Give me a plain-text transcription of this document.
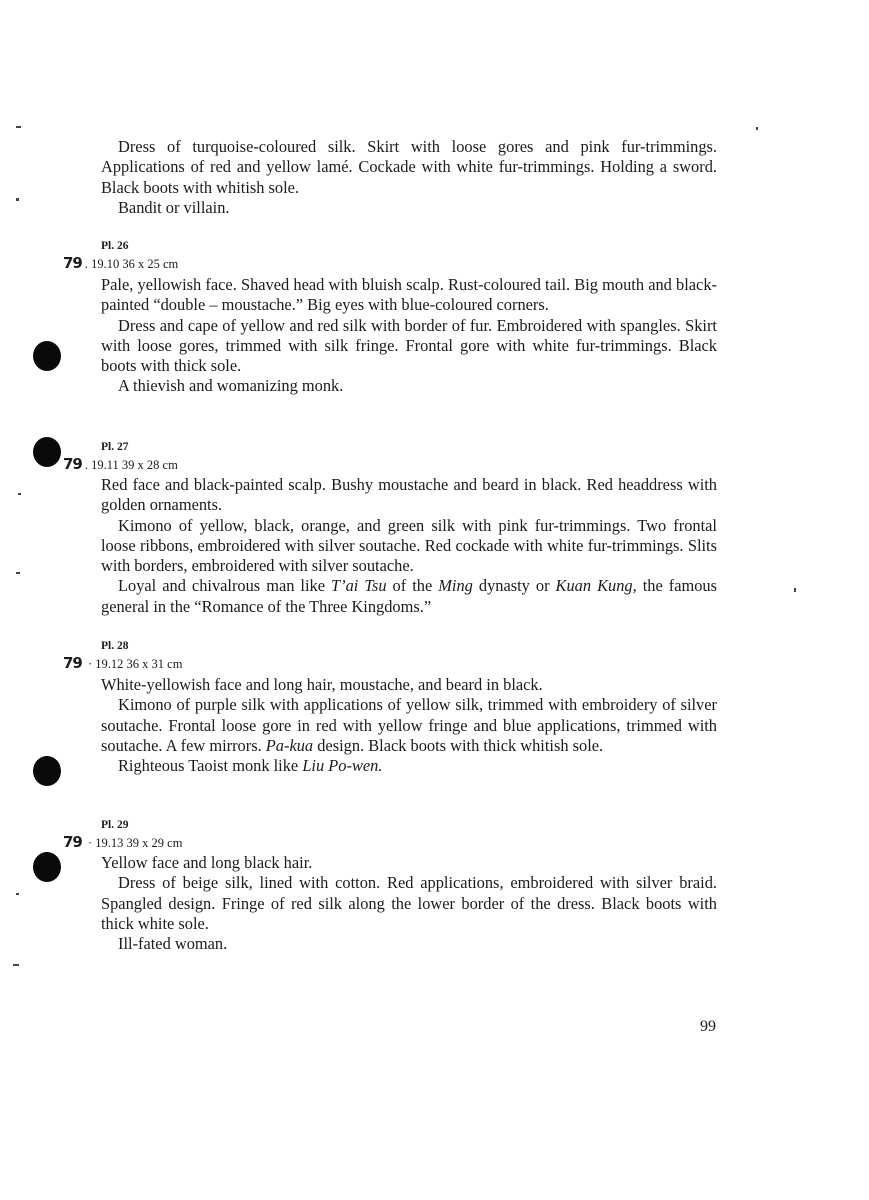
Dress of turquoise-coloured silk. Skirt with loose gores and pink fur-trimmings. Applications of red and yellow lamé. Cockade with white fur-trimmings. Holding a sword. Black boots with whitish sole.

Bandit or villain.

Pl. 26
79 . 19.10 36 x 25 cm

Pale, yellowish face. Shaved head with bluish scalp. Rust-coloured tail. Big mouth and black-painted “double – moustache.” Big eyes with blue-coloured corners.

Dress and cape of yellow and red silk with border of fur. Embroidered with spangles. Skirt with loose gores, trimmed with silk fringe. Frontal gore with white fur-trimmings. Black boots with thick sole.

A thievish and womanizing monk.

Pl. 27
79 . 19.11 39 x 28 cm

Red face and black-painted scalp. Bushy moustache and beard in black. Red headdress with golden ornaments.

Kimono of yellow, black, orange, and green silk with pink fur-trimmings. Two frontal loose ribbons, embroidered with silver soutache. Red cockade with white fur-trimmings. Slits with borders, embroidered with silver soutache.

Loyal and chivalrous man like T’ai Tsu of the Ming dynasty or Kuan Kung, the famous general in the “Romance of the Three Kingdoms.”

Pl. 28
79 · 19.12 36 x 31 cm

White-yellowish face and long hair, moustache, and beard in black.

Kimono of purple silk with applications of yellow silk, trimmed with embroidery of silver soutache. Frontal loose gore in red with yellow fringe and blue applications, trimmed with soutache. A few mirrors. Pa-kua design. Black boots with thick whitish sole.

Righteous Taoist monk like Liu Po-wen.

Pl. 29
79 · 19.13 39 x 29 cm

Yellow face and long black hair.

Dress of beige silk, lined with cotton. Red applications, embroidered with silver braid. Spangled design. Fringe of red silk along the lower border of the dress. Black boots with thick white sole.

Ill-fated woman.

99
